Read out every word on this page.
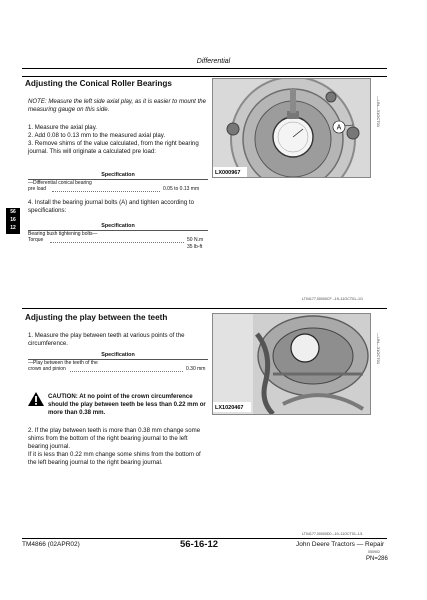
Differential
56
16
12
Adjusting the Conical Roller Bearings
NOTE: Measure the left side axial play, as it is easier to mount the measuring gauge on this side.
1. Measure the axial play.
2. Add 0.08 to 0.13 mm to the measured axial play.
3. Remove shims of the value calculated, from the right bearing journal. This will originate a calculated pre load:
Specification
—Differential conical bearing
pre load	0.05 to 0.13 mm
4. Install the bearing journal bolts (A) and tighten according to specifications:
Specification
Bearing bush tightening bolts—
Torque	50 N.m
35 lb-ft
A
LX000967
—UN—31OCT01
LT04177,00000CF –19–11OCT01–1/1
Adjusting the play between the teeth
1. Measure the play between teeth at various points of the circumference.
Specification
—Play between the teeth of the
crown and pinion	0.30 mm
CAUTION: At no point of the crown circumference should the play between teeth be less than 0.22 mm or more than 0.38 mm.
2. If the play between teeth is more than 0.38 mm change some shims from the bottom of the right bearing journal to the left bearing journal.
If it is less than 0.22 mm change some shims from the bottom of the left bearing journal to the right bearing journal.
LX1020467
—UN—31OCT01
LT04177,00000D0 –19–11OCT01–1/1
TM4866 (02APR02)	56-16-12	John Deere Tractors — Repair
050902
PN=286
